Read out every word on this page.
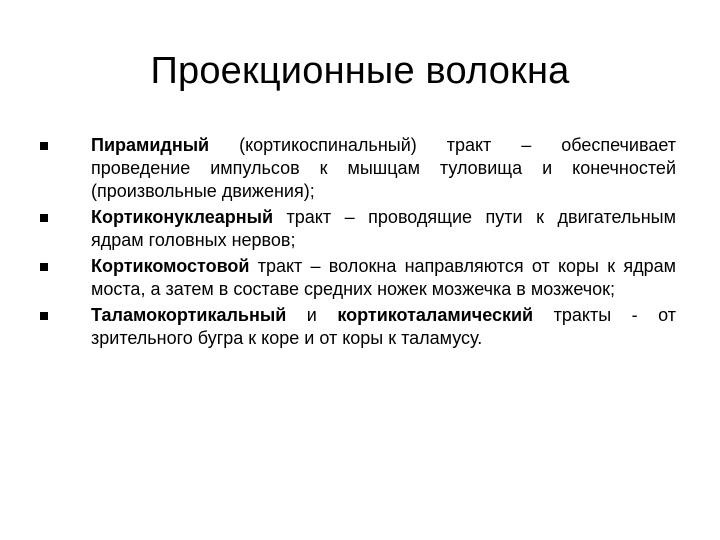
Проекционные волокна
Пирамидный (кортикоспинальный) тракт – обеспечивает проведение импульсов к мышцам туловища и конечностей (произвольные движения);
Кортиконуклеарный тракт – проводящие пути к двигательным ядрам головных нервов;
Кортикомостовой тракт – волокна направляются от коры к ядрам моста, а затем в составе средних ножек мозжечка в мозжечок;
Таламокортикальный и кортикоталамический тракты - от зрительного бугра к коре и от коры к таламусу.
